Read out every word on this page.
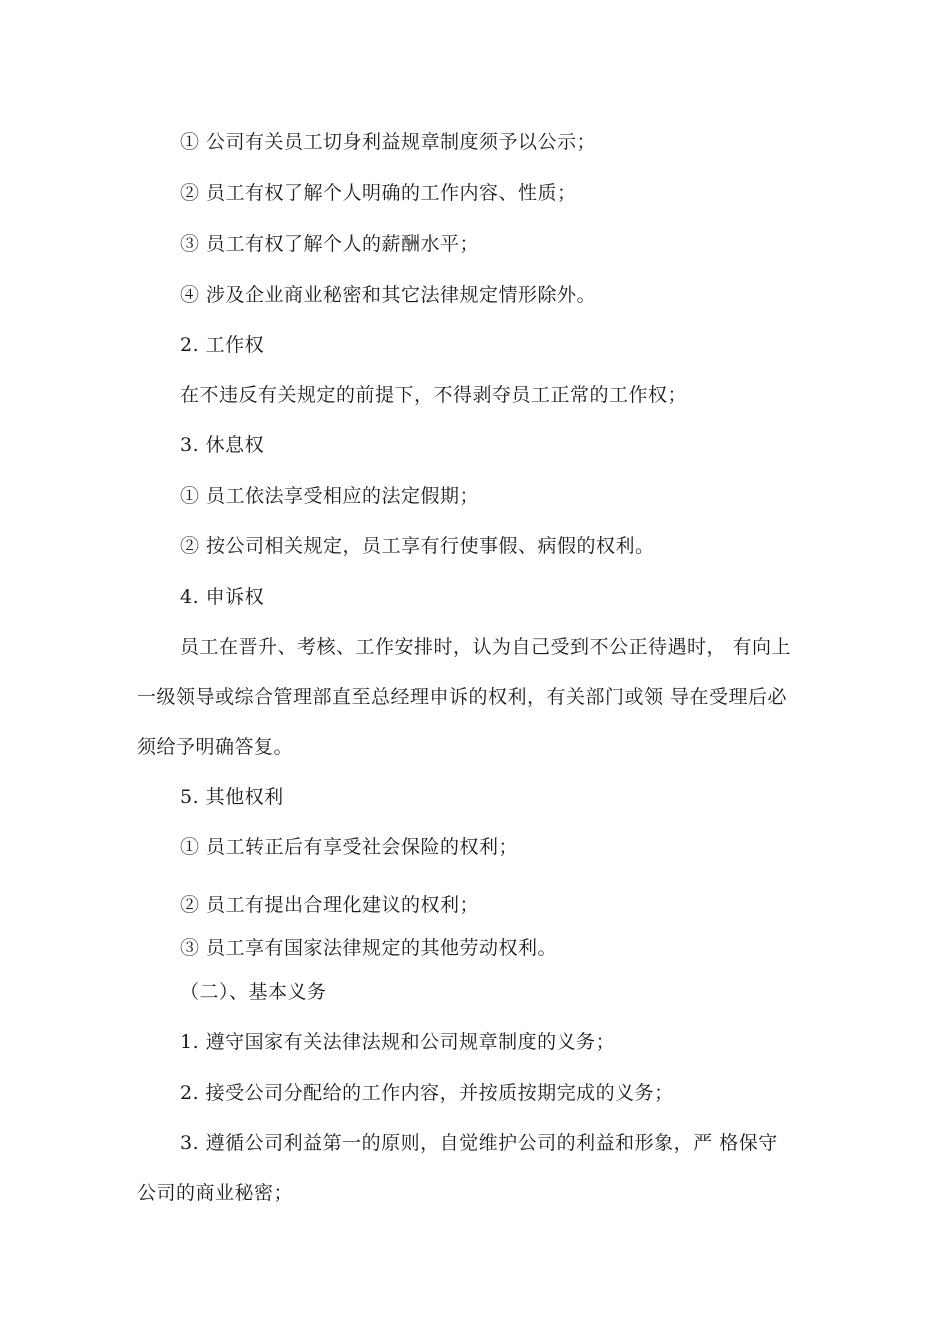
① 公司有关员工切身利益规章制度须予以公示；
② 员工有权了解个人明确的工作内容、性质；
③ 员工有权了解个人的薪酬水平；
④ 涉及企业商业秘密和其它法律规定情形除外。
2. 工作权
在不违反有关规定的前提下，不得剥夺员工正常的工作权；
3. 休息权
① 员工依法享受相应的法定假期；
② 按公司相关规定，员工享有行使事假、病假的权利。
4. 申诉权
员工在晋升、考核、工作安排时，认为自己受到不公正待遇时， 有向上
一级领导或综合管理部直至总经理申诉的权利，有关部门或领 导在受理后必
须给予明确答复。
5. 其他权利
① 员工转正后有享受社会保险的权利；
② 员工有提出合理化建议的权利；
③ 员工享有国家法律规定的其他劳动权利。
（二）、基本义务
1. 遵守国家有关法律法规和公司规章制度的义务；
2. 接受公司分配给的工作内容，并按质按期完成的义务；
3. 遵循公司利益第一的原则，自觉维护公司的利益和形象，严 格保守
公司的商业秘密；
